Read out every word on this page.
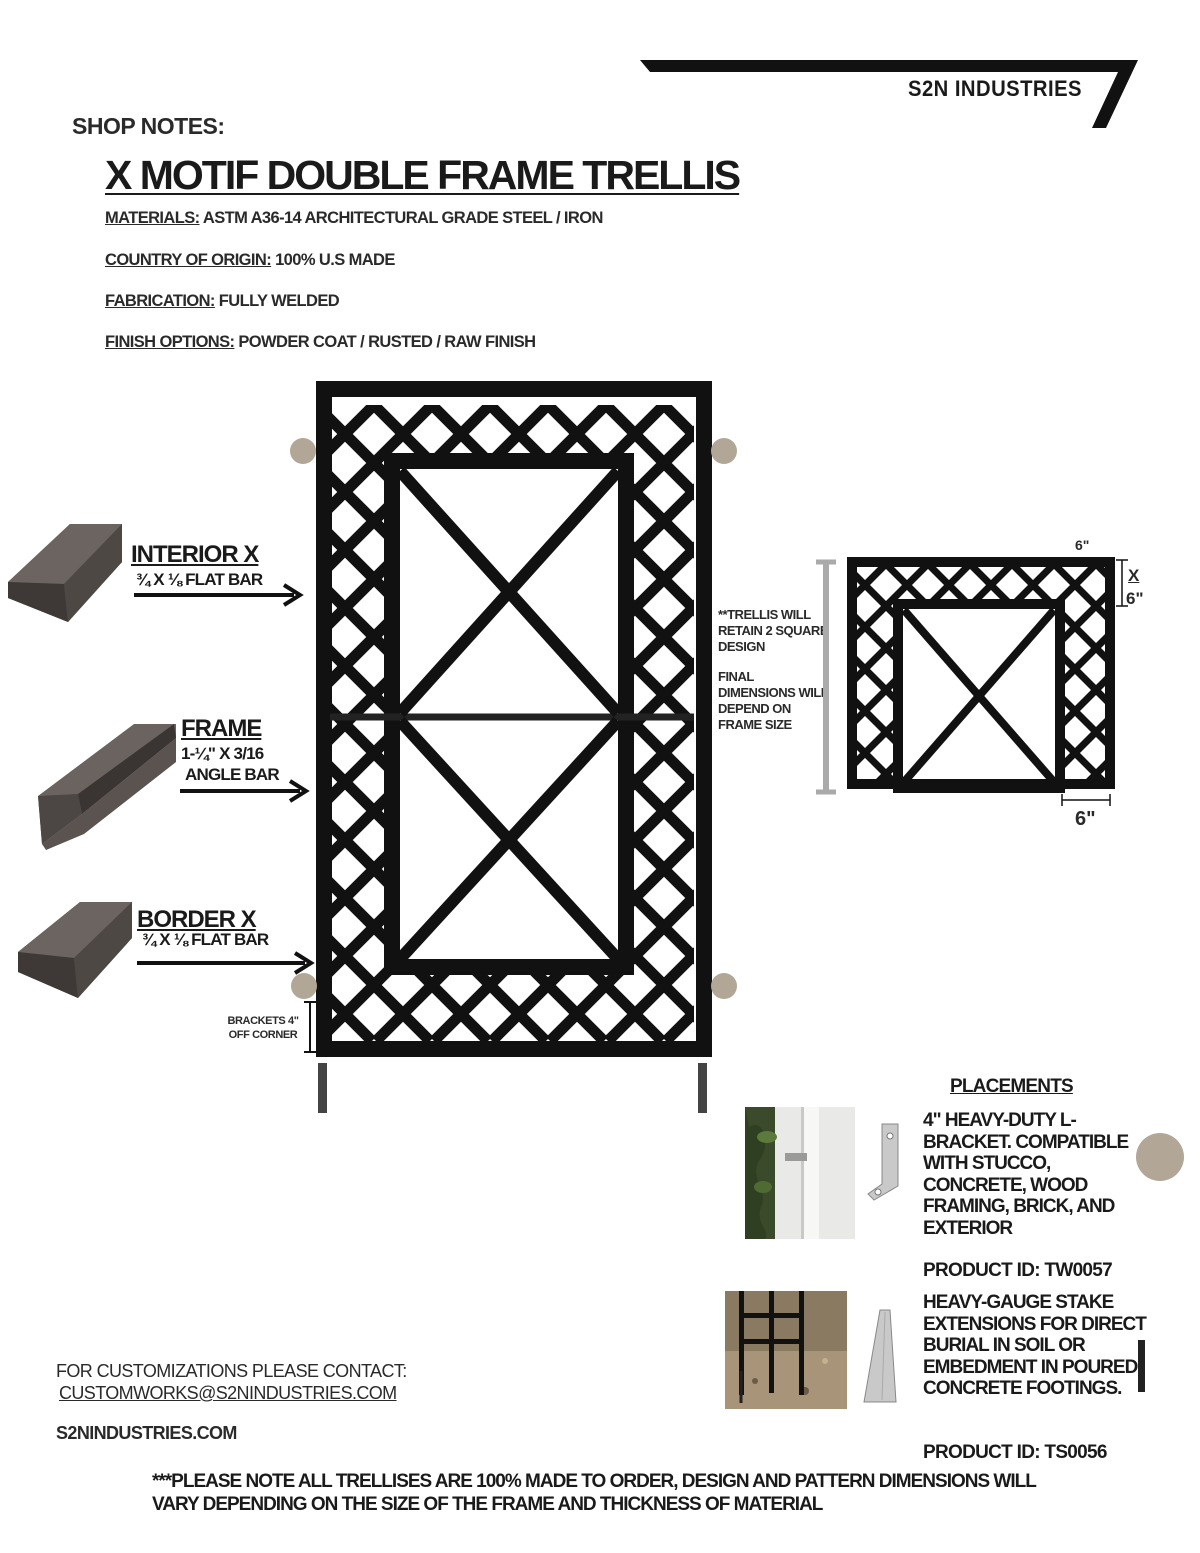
S2N INDUSTRIES
SHOP NOTES:
X MOTIF DOUBLE FRAME TRELLIS
MATERIALS: ASTM A36-14 ARCHITECTURAL GRADE STEEL / IRON
COUNTRY OF ORIGIN: 100% U.S MADE
FABRICATION: FULLY WELDED
FINISH OPTIONS: POWDER COAT / RUSTED / RAW FINISH
BRACKETS 4" OFF CORNER
INTERIOR X
¾ X ⅛ FLAT BAR
FRAME
1-¼" X 3/16
ANGLE BAR
BORDER X
¾ X ⅛ FLAT BAR

**TRELLIS WILL RETAIN 2 SQUARE DESIGN

FINAL DIMENSIONS WILL DEPEND ON FRAME SIZE

6"
X
6"
6"
PLACEMENTS
4" HEAVY-DUTY L-BRACKET. COMPATIBLE WITH STUCCO, CONCRETE, WOOD FRAMING, BRICK, AND EXTERIOR
PRODUCT ID: TW0057
HEAVY-GAUGE STAKE EXTENSIONS FOR DIRECT BURIAL IN SOIL OR EMBEDMENT IN POURED CONCRETE FOOTINGS.
PRODUCT ID: TS0056
FOR CUSTOMIZATIONS PLEASE CONTACT:
CUSTOMWORKS@S2NINDUSTRIES.COM
S2NINDUSTRIES.COM
***PLEASE NOTE ALL TRELLISES ARE 100% MADE TO ORDER, DESIGN AND PATTERN DIMENSIONS WILL VARY DEPENDING ON THE SIZE OF THE FRAME AND THICKNESS OF MATERIAL
